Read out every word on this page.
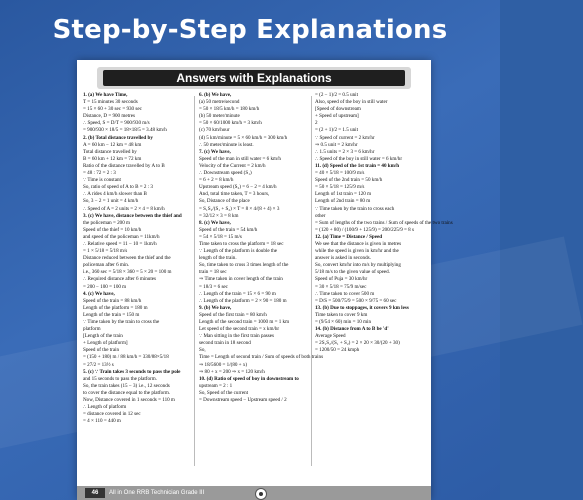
Step-by-Step Explanations
Answers with Explanations

1. (a) We have Time,

T = 15 minutes 30 seconds

= 15 × 60 + 30 sec = 930 sec

Distance, D = 900 metres

∴ Speed, S = D/T = 900/930 m/s

= 900/930 × 18/5 = 18×18/5 = 3.48 km/h

2. (b) Total distance travelled by

A = 60 km − 12 km = 48 km

Total distance travelled by

B = 60 km + 12 km = 72 km

Ratio of the distance travelled by A to B

= 48 : 72 = 2 : 3

∵ Time is constant

So, ratio of speed of A to B = 2 : 3

∴ A rides 4 km/h slower than B

So, 3 − 2 = 1 unit = 4 km/h

∴ Speed of A = 2 units = 2 × 4 = 8 km/h

3. (c) We have, distance between the thief and

the policeman = 200 m

Speed of the thief = 10 km/h

and speed of the policeman = 11km/h

∴ Relative speed = 11 − 10 = 1km/h

= 1 × 5/18 = 5/18 m/s

Distance reduced between the thief and the

policeman after 6 min.

i.e., 360 sec = 5/18 × 360 = 5 × 20 = 100 m

∴ Required distance after 6 minutes

= 200 − 100 = 100 m

4. (c) We have,

Speed of the train = 88 km/h

Length of the platform = 180 m

Length of the train = 150 m

∵ Time taken by the train to cross the

platform

[Length of the train

+ Length of platform]

Speed of the train

= (150 + 180) m / 88 km/h = 330/88×5/18

= 27/2 = 13½ s

5. (c) ∵ Train takes 3 seconds to pass the pole

and 15 seconds to pass the platform.

So, the train takes (15 − 3) i.e., 12 seconds

to cover the distance equal to the platform.

Now, Distance covered in 1 seconds = 110 m

∴ Length of platform

= distance covered in 12 sec

= 4 × 110 = 440 m

6. (b) We have,

(a) 50 metre/second

= 50 × 18/5 km/h = 180 km/h

(b) 50 meter/minute

= 50 × 60/1000 km/h = 3 km/h

(c) 70 km/hour

(d) 5 km/minute = 5 × 60 km/h = 300 km/h

∴ 50 meter/minute is least.

7. (c) We have,

Speed of the man in still water = 6 km/h

Velocity of the Current = 2 km/h

∴ Downstream speed (S₁)

= 6 + 2 = 8 km/h

Upstream speed (S₂) = 6 − 2 = 4 km/h

And, total time taken, T = 3 hours,

So, Distance of the place

= S₁S₂/(S₁ + S₂) × T = 8 × 4/(8 + 4) × 3

= 32/12 × 3 = 8 km

8. (c) We have,

Speed of the train = 54 km/h

= 54 × 5/18 = 15 m/s

Time taken to cross the platform = 18 sec

∵ Length of the platform is double the

length of the train.

So, time taken to cross 3 times length of the

train = 18 sec

⇒ Time taken in cover length of the train

= 18/3 = 6 sec

∴ Length of the train = 15 × 6 = 90 m

∴ Length of the platform = 2 × 90 = 180 m

9. (b) We have,

Speed of the first train = 80 km/h

Length of the second train = 1000 m = 1 km

Let speed of the second train = x km/hr

∵ Man sitting in the first train passes

second train in 18 second

So,

Time = Length of second train / Sum of speeds of both trains

⇒ 18/5600 = 1/(80 + x)

⇒ 80 + x = 200 ⇒ x = 120 km/h

10. (d) Ratio of speed of boy in downstream to

upstream = 2 : 1

So, Speed of the current

= Downstream speed − Upstream speed / 2

= (2 − 1)/2 = 0.5 unit

Also, speed of the boy in still water

[Speed of downstream

+ Speed of upstream]

2

= (2 + 1)/2 = 1.5 unit

∵ Speed of current = 2 km/hr

⇒ 0.5 unit = 2 km/hr

∴ 1.5 units = 2 × 3 = 6 km/hr

∴ Speed of the boy in still water = 6 km/hr

11. (d) Speed of the 1st train = 40 km/h

= 40 × 5/18 = 100/9 m/s

Speed of the 2nd train = 50 km/h

= 50 × 5/18 = 125/9 m/s

Length of 1st train = 120 m

Length of 2nd train = 80 m

∵ Time taken by the train to cross each

other

= Sum of lengths of the two trains / Sum of speeds of the two trains

= (120 + 80) / (100/9 + 125/9) = 200/225/9 = 8 s

12. (a) Time = Distance / Speed

We see that the distance is given in metres

while the speed is given in km/hr and the

answer is asked in seconds.

So, convert km/hr into m/s by multiplying

5/18 m/s to the given value of speed.

Speed of Puja = 30 km/hr

= 30 × 5/18 = 75/9 m/sec

∴ Time taken to cover 500 m

= D/S = 500/75/9 = 500 × 9/75 = 60 sec

13. (b) Due to stoppages, it covers 9 km less

Time taken to cover 9 km

= (9/54 × 60) min = 10 min

14. (b) Distance from A to B be 'd'

Average Speed

= 2S₁S₂/(S₁ + S₂) = 2 × 20 × 30/(20 + 30)

= 1200/50 = 24 kmph

46	All in One RRB Technician Grade III
